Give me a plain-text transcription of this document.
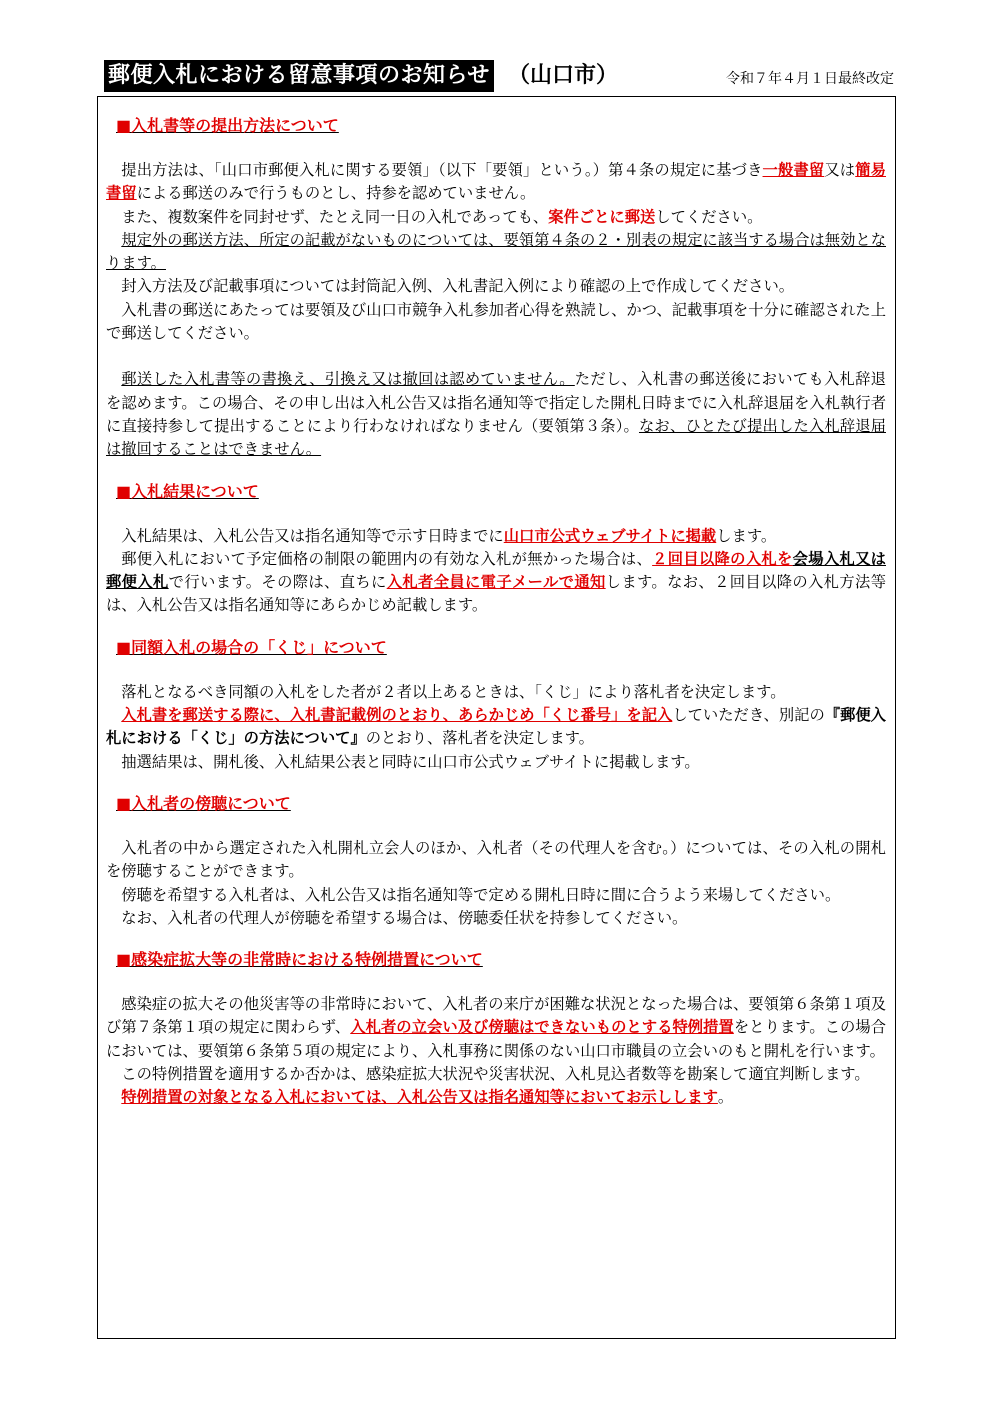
郵便入札における留意事項のお知らせ （山口市）	令和７年４月１日最終改定
■入札書等の提出方法について

提出方法は、「山口市郵便入札に関する要領」（以下「要領」という。）第４条の規定に基づき一般書留又は簡易書留による郵送のみで行うものとし、持参を認めていません。

また、複数案件を同封せず、たとえ同一日の入札であっても、案件ごとに郵送してください。

規定外の郵送方法、所定の記載がないものについては、要領第４条の２・別表の規定に該当する場合は無効となります。

封入方法及び記載事項については封筒記入例、入札書記入例により確認の上で作成してください。

入札書の郵送にあたっては要領及び山口市競争入札参加者心得を熟読し、かつ、記載事項を十分に確認された上で郵送してください。

郵送した入札書等の書換え、引換え又は撤回は認めていません。ただし、入札書の郵送後においても入札辞退を認めます。この場合、その申し出は入札公告又は指名通知等で指定した開札日時までに入札辞退届を入札執行者に直接持参して提出することにより行わなければなりません（要領第３条）。なお、ひとたび提出した入札辞退届は撤回することはできません。

■入札結果について

入札結果は、入札公告又は指名通知等で示す日時までに山口市公式ウェブサイトに掲載します。

郵便入札において予定価格の制限の範囲内の有効な入札が無かった場合は、２回目以降の入札を会場入札又は郵便入札で行います。その際は、直ちに入札者全員に電子メールで通知します。なお、２回目以降の入札方法等は、入札公告又は指名通知等にあらかじめ記載します。

■同額入札の場合の「くじ」について

落札となるべき同額の入札をした者が２者以上あるときは、「くじ」により落札者を決定します。

入札書を郵送する際に、入札書記載例のとおり、あらかじめ「くじ番号」を記入していただき、別記の『郵便入札における「くじ」の方法について』のとおり、落札者を決定します。

抽選結果は、開札後、入札結果公表と同時に山口市公式ウェブサイトに掲載します。

■入札者の傍聴について

入札者の中から選定された入札開札立会人のほか、入札者（その代理人を含む。）については、その入札の開札を傍聴することができます。

傍聴を希望する入札者は、入札公告又は指名通知等で定める開札日時に間に合うよう来場してください。

なお、入札者の代理人が傍聴を希望する場合は、傍聴委任状を持参してください。

■感染症拡大等の非常時における特例措置について

感染症の拡大その他災害等の非常時において、入札者の来庁が困難な状況となった場合は、要領第６条第１項及び第７条第１項の規定に関わらず、入札者の立会い及び傍聴はできないものとする特例措置をとります。この場合においては、要領第６条第５項の規定により、入札事務に関係のない山口市職員の立会いのもと開札を行います。

この特例措置を適用するか否かは、感染症拡大状況や災害状況、入札見込者数等を勘案して適宜判断します。

特例措置の対象となる入札においては、入札公告又は指名通知等においてお示しします。
